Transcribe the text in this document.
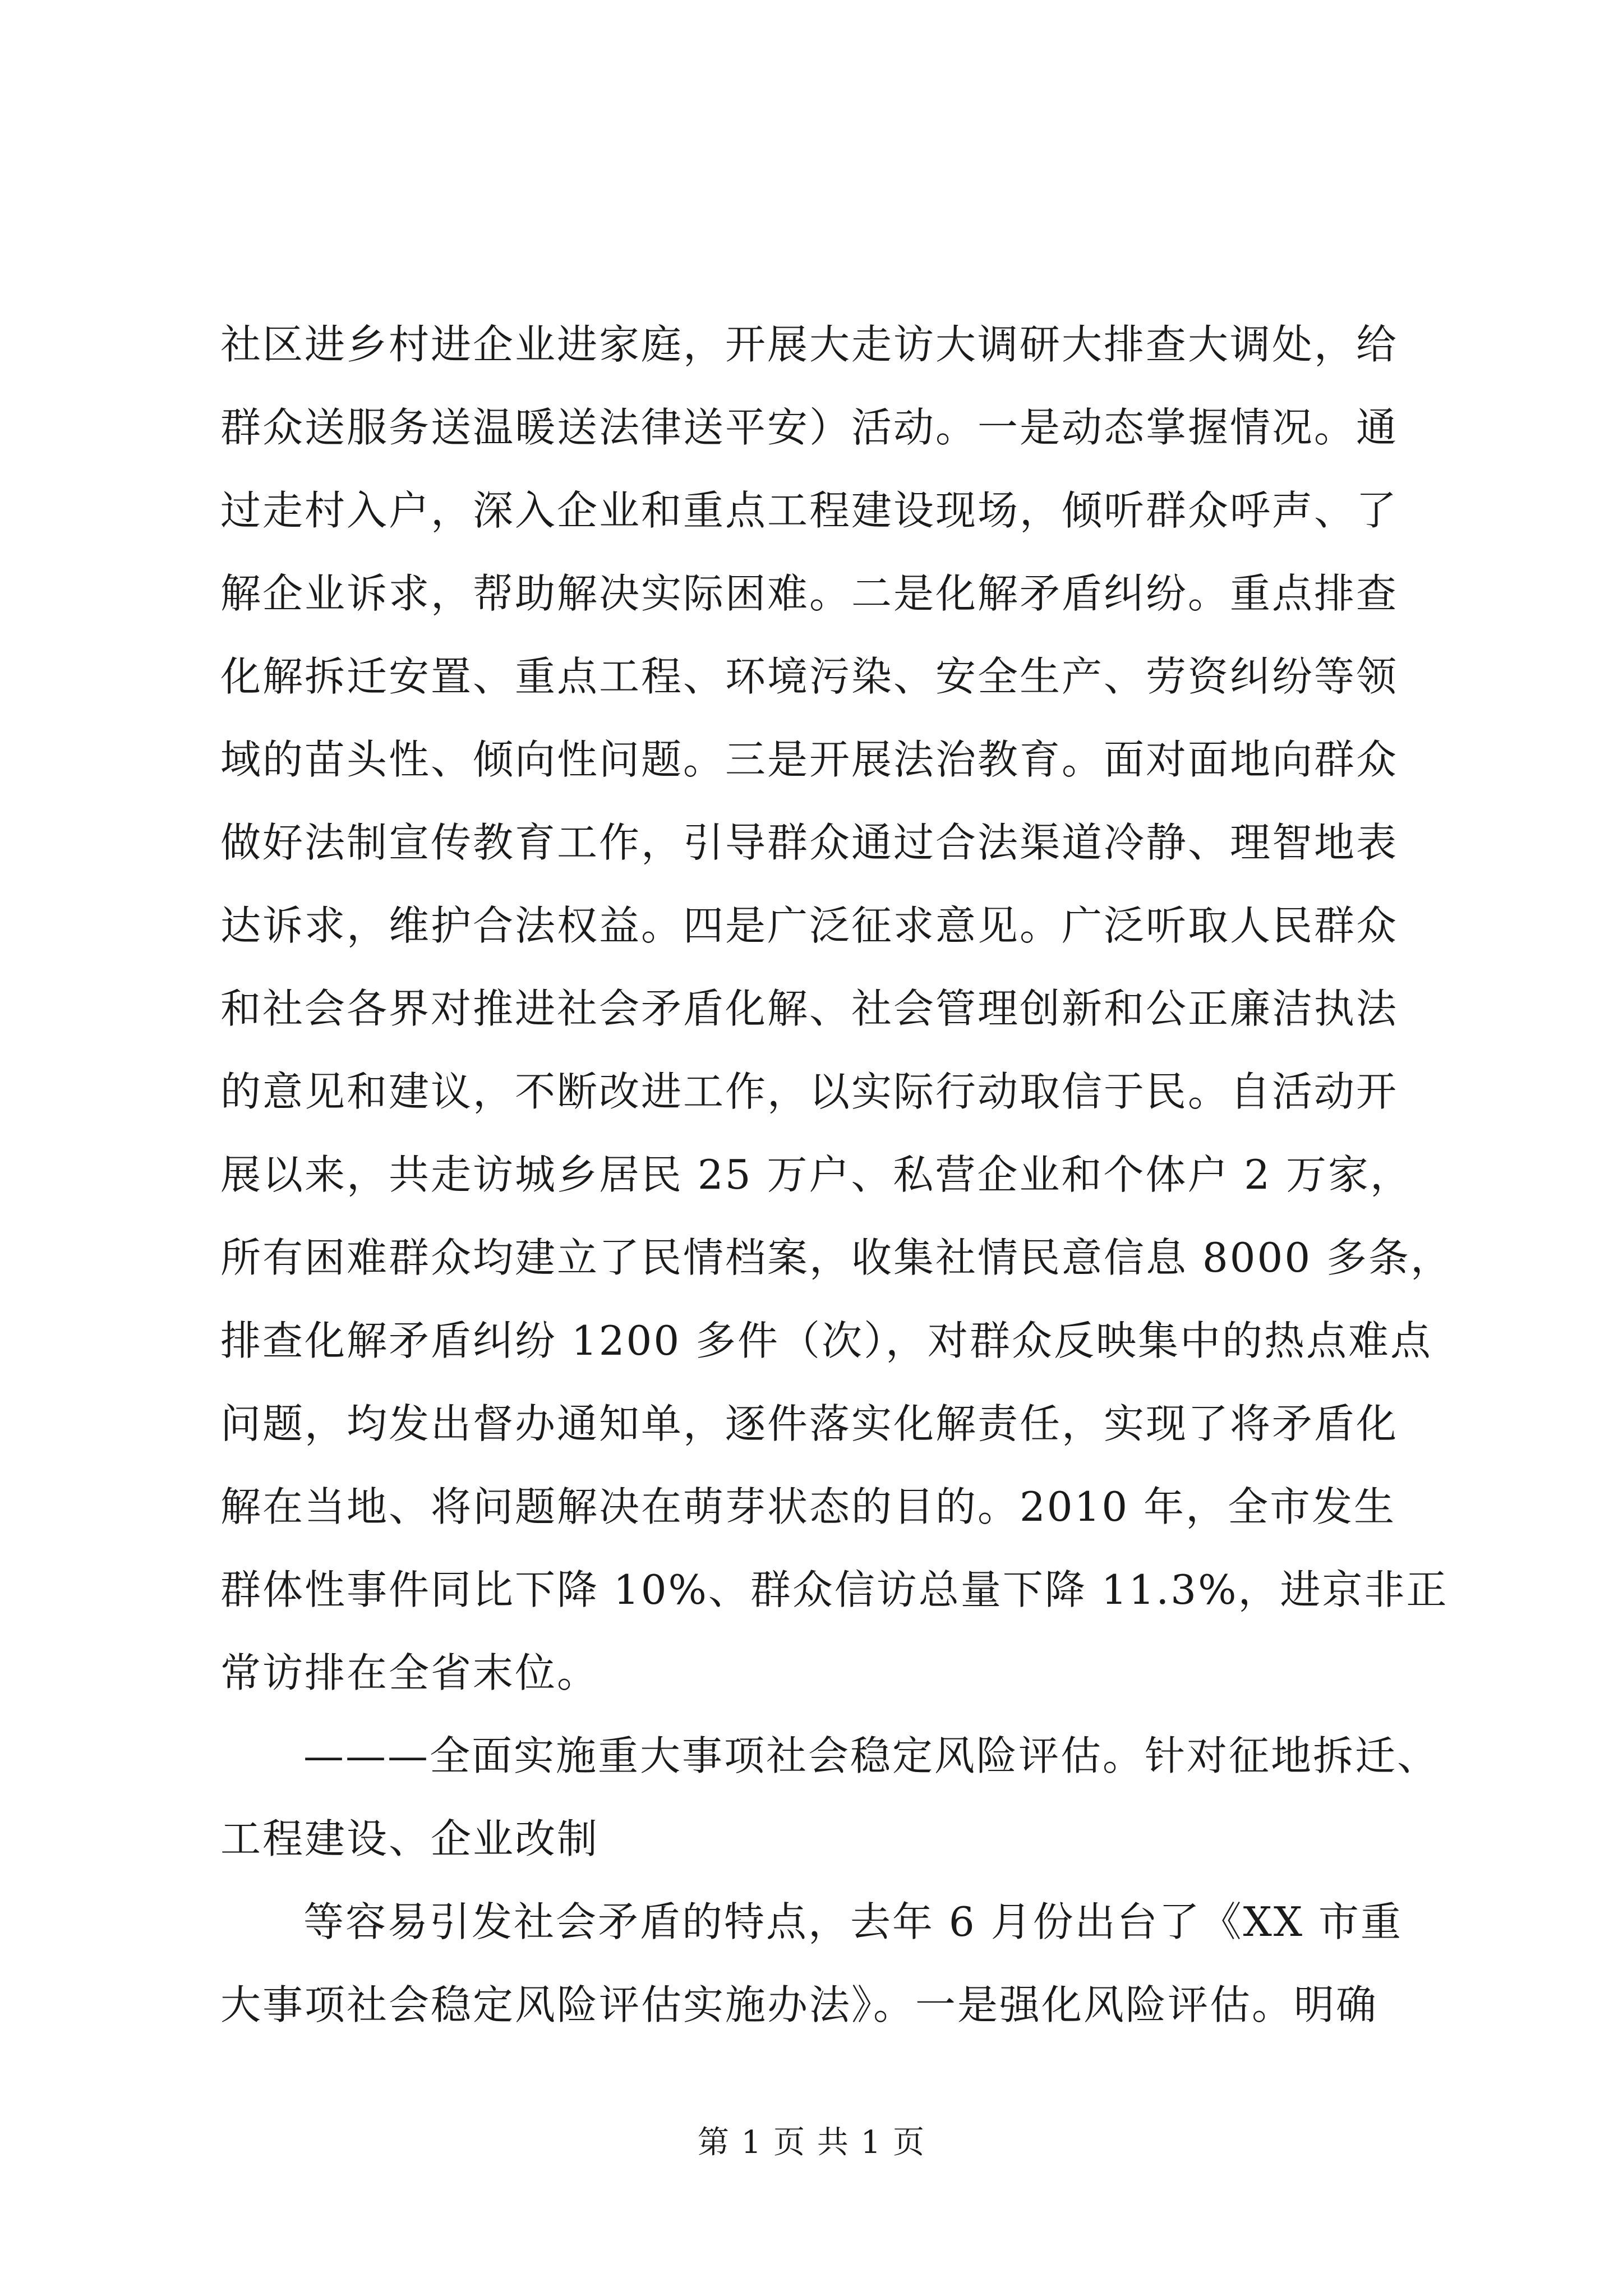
社区进乡村进企业进家庭，开展大走访大调研大排查大调处，给
群众送服务送温暖送法律送平安）活动。一是动态掌握情况。通
过走村入户，深入企业和重点工程建设现场，倾听群众呼声、了
解企业诉求，帮助解决实际困难。二是化解矛盾纠纷。重点排查
化解拆迁安置、重点工程、环境污染、安全生产、劳资纠纷等领
域的苗头性、倾向性问题。三是开展法治教育。面对面地向群众
做好法制宣传教育工作，引导群众通过合法渠道冷静、理智地表
达诉求，维护合法权益。四是广泛征求意见。广泛听取人民群众
和社会各界对推进社会矛盾化解、社会管理创新和公正廉洁执法
的意见和建议，不断改进工作，以实际行动取信于民。自活动开
展以来，共走访城乡居民 25 万户、私营企业和个体户 2 万家，
所有困难群众均建立了民情档案，收集社情民意信息 8000 多条，
排查化解矛盾纠纷 1200 多件（次），对群众反映集中的热点难点
问题，均发出督办通知单，逐件落实化解责任，实现了将矛盾化
解在当地、将问题解决在萌芽状态的目的。2010 年，全市发生
群体性事件同比下降 10%、群众信访总量下降 11.3%，进京非正
常访排在全省末位。
———全面实施重大事项社会稳定风险评估。针对征地拆迁、
工程建设、企业改制
等容易引发社会矛盾的特点，去年 6 月份出台了《XX 市重
大事项社会稳定风险评估实施办法》。一是强化风险评估。明确
第 1 页 共 1 页
